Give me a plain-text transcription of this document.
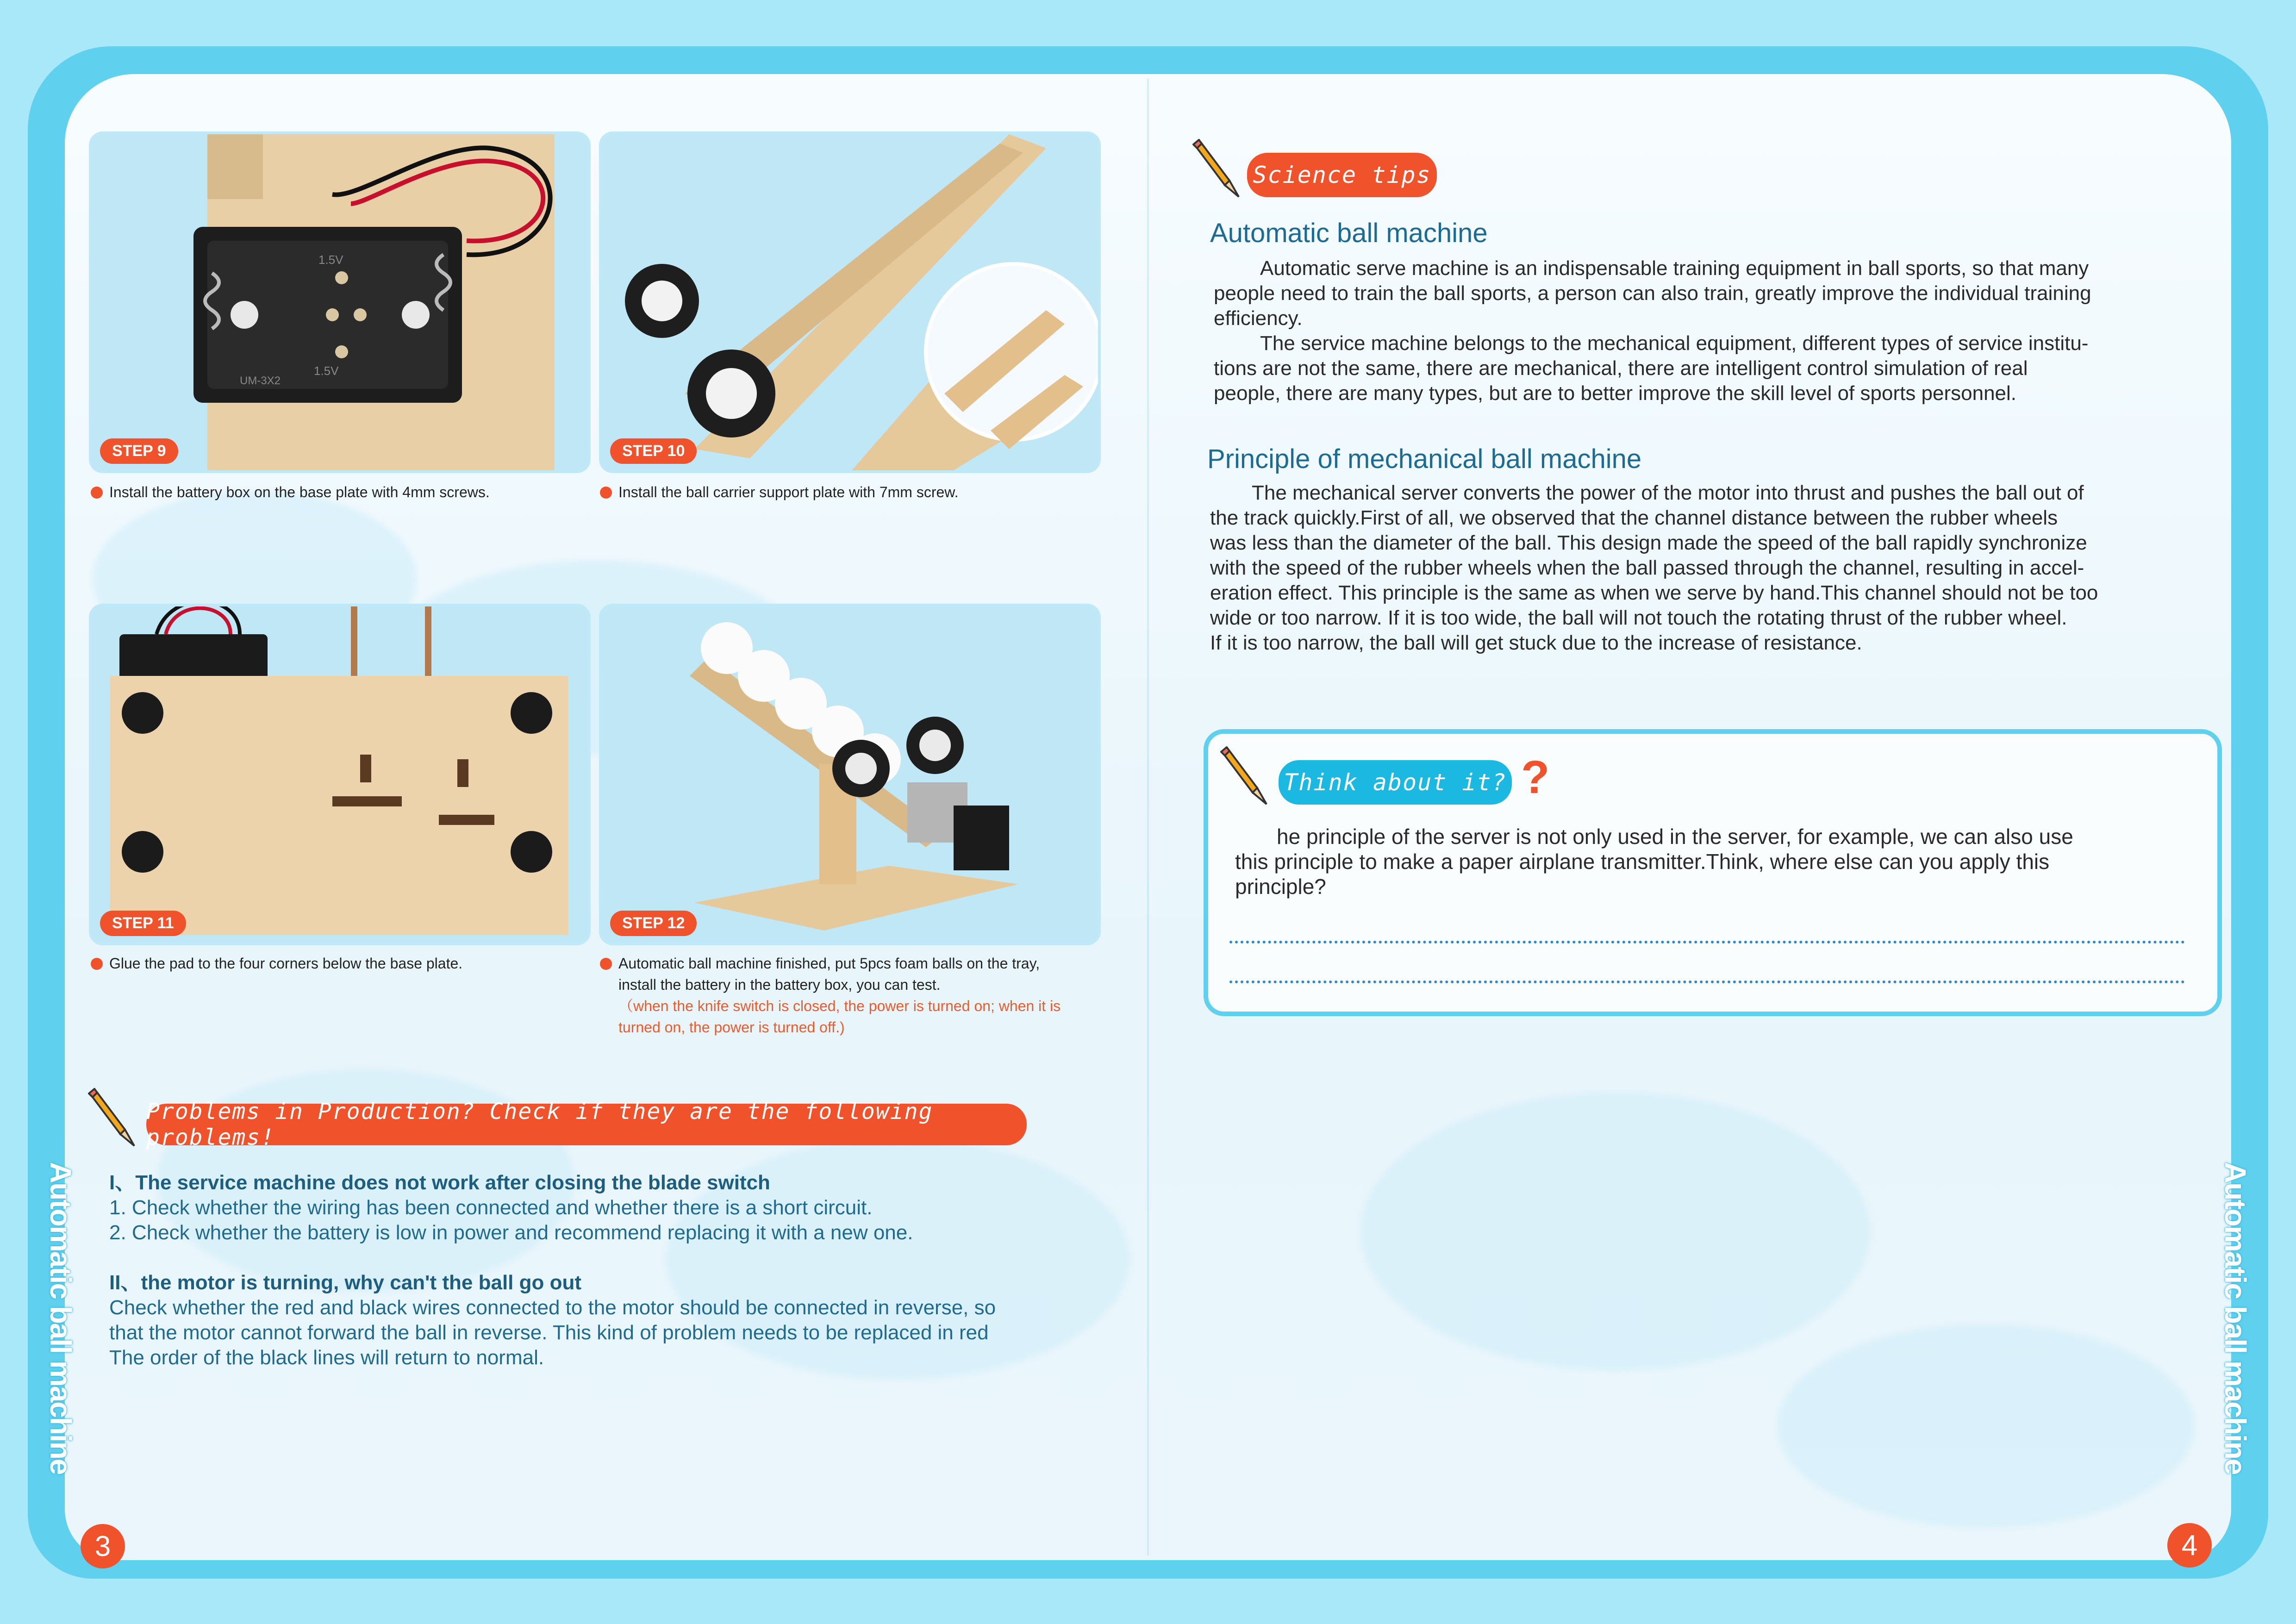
1.5V
1.5V
UM-3X2
STEP 9
Install the battery box on the base plate with 4mm screws.
STEP 10
Install the ball carrier support plate with 7mm screw.
STEP 11
Glue the pad to the four corners below the base plate.
STEP 12
Automatic ball machine finished, put 5pcs foam balls on the tray,
install the battery in the battery box, you can test.
（when the knife switch is closed, the power is turned on; when it is
turned on, the power is turned off.)
Problems in Production? Check if they are the following problems!
I、The service machine does not work after closing the blade switch
1. Check whether the wiring has been connected and whether there is a short circuit.
2. Check whether the battery is low in power and recommend replacing it with a new one.
II、the motor is turning, why can't the ball go out
Check whether the red and black wires connected to the motor should be connected in reverse, so
that the motor cannot forward the ball in reverse. This kind of problem needs to be replaced in red
The order of the black lines will return to normal.
Science tips
Automatic ball machine
Automatic serve machine is an indispensable training equipment in ball sports, so that many
people need to train the ball sports, a person can also train, greatly improve the individual training
efficiency.
The service machine belongs to the mechanical equipment, different types of service institu-
tions are not the same, there are mechanical, there are intelligent control simulation of real
people, there are many types, but are to better improve the skill level of sports personnel.
Principle of mechanical ball machine
The mechanical server converts the power of the motor into thrust and pushes the ball out of
the track quickly.First of all, we observed that the channel distance between the rubber wheels
was less than the diameter of the ball. This design made the speed of the ball rapidly synchronize
with the speed of the rubber wheels when the ball passed through the channel, resulting in accel-
eration effect. This principle is the same as when we serve by hand.This channel should not be too
wide or too narrow. If it is too wide, the ball will not touch the rotating thrust of the rubber wheel.
If it is too narrow, the ball will get stuck due to the increase of resistance.
Think about it? ?
he principle of the server is not only used in the server, for example, we can also use
this principle to make a paper airplane transmitter.Think, where else can you apply this
principle?
Automatic ball machine	Automatic ball machine
3	4
